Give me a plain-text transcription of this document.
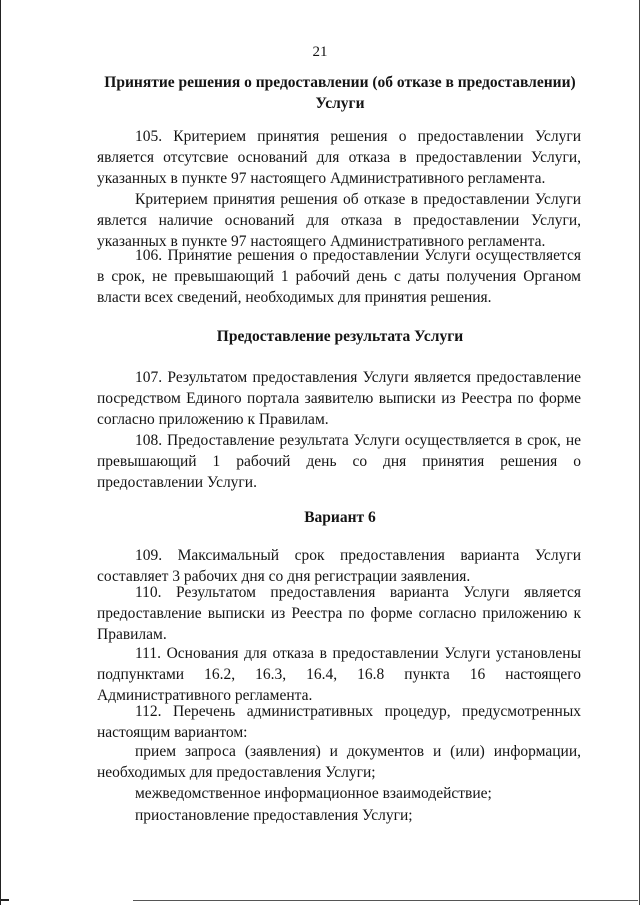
21
Принятие решения о предоставлении (об отказе в предоставлении) Услуги

105. Критерием принятия решения о предоставлении Услуги является отсутсвие оснований для отказа в предоставлении Услуги, указанных в пункте 97 настоящего Административного регламента.

Критерием принятия решения об отказе в предоставлении Услуги явлется наличие оснований для отказа в предоставлении Услуги, указанных в пункте 97 настоящего Административного регламента.

106. Принятие решения о предоставлении Услуги осуществляется в срок, не превышающий 1 рабочий день с даты получения Органом власти всех сведений, необходимых для принятия решения.

Предоставление результата Услуги

107. Результатом предоставления Услуги является предоставление посредством Единого портала заявителю выписки из Реестра по форме согласно приложению к Правилам.

108. Предоставление результата Услуги осуществляется в срок, не превышающий 1 рабочий день со дня принятия решения о предоставлении Услуги.

Вариант 6

109. Максимальный срок предоставления варианта Услуги составляет 3 рабочих дня со дня регистрации заявления.

110. Результатом предоставления варианта Услуги является предоставление выписки из Реестра по форме согласно приложению к Правилам.

111. Основания для отказа в предоставлении Услуги установлены подпунктами 16.2, 16.3, 16.4, 16.8 пункта 16 настоящего Административного регламента.

112. Перечень административных процедур, предусмотренных настоящим вариантом:

прием запроса (заявления) и документов и (или) информации, необходимых для предоставления Услуги;

межведомственное информационное взаимодействие;

приостановление предоставления Услуги;
